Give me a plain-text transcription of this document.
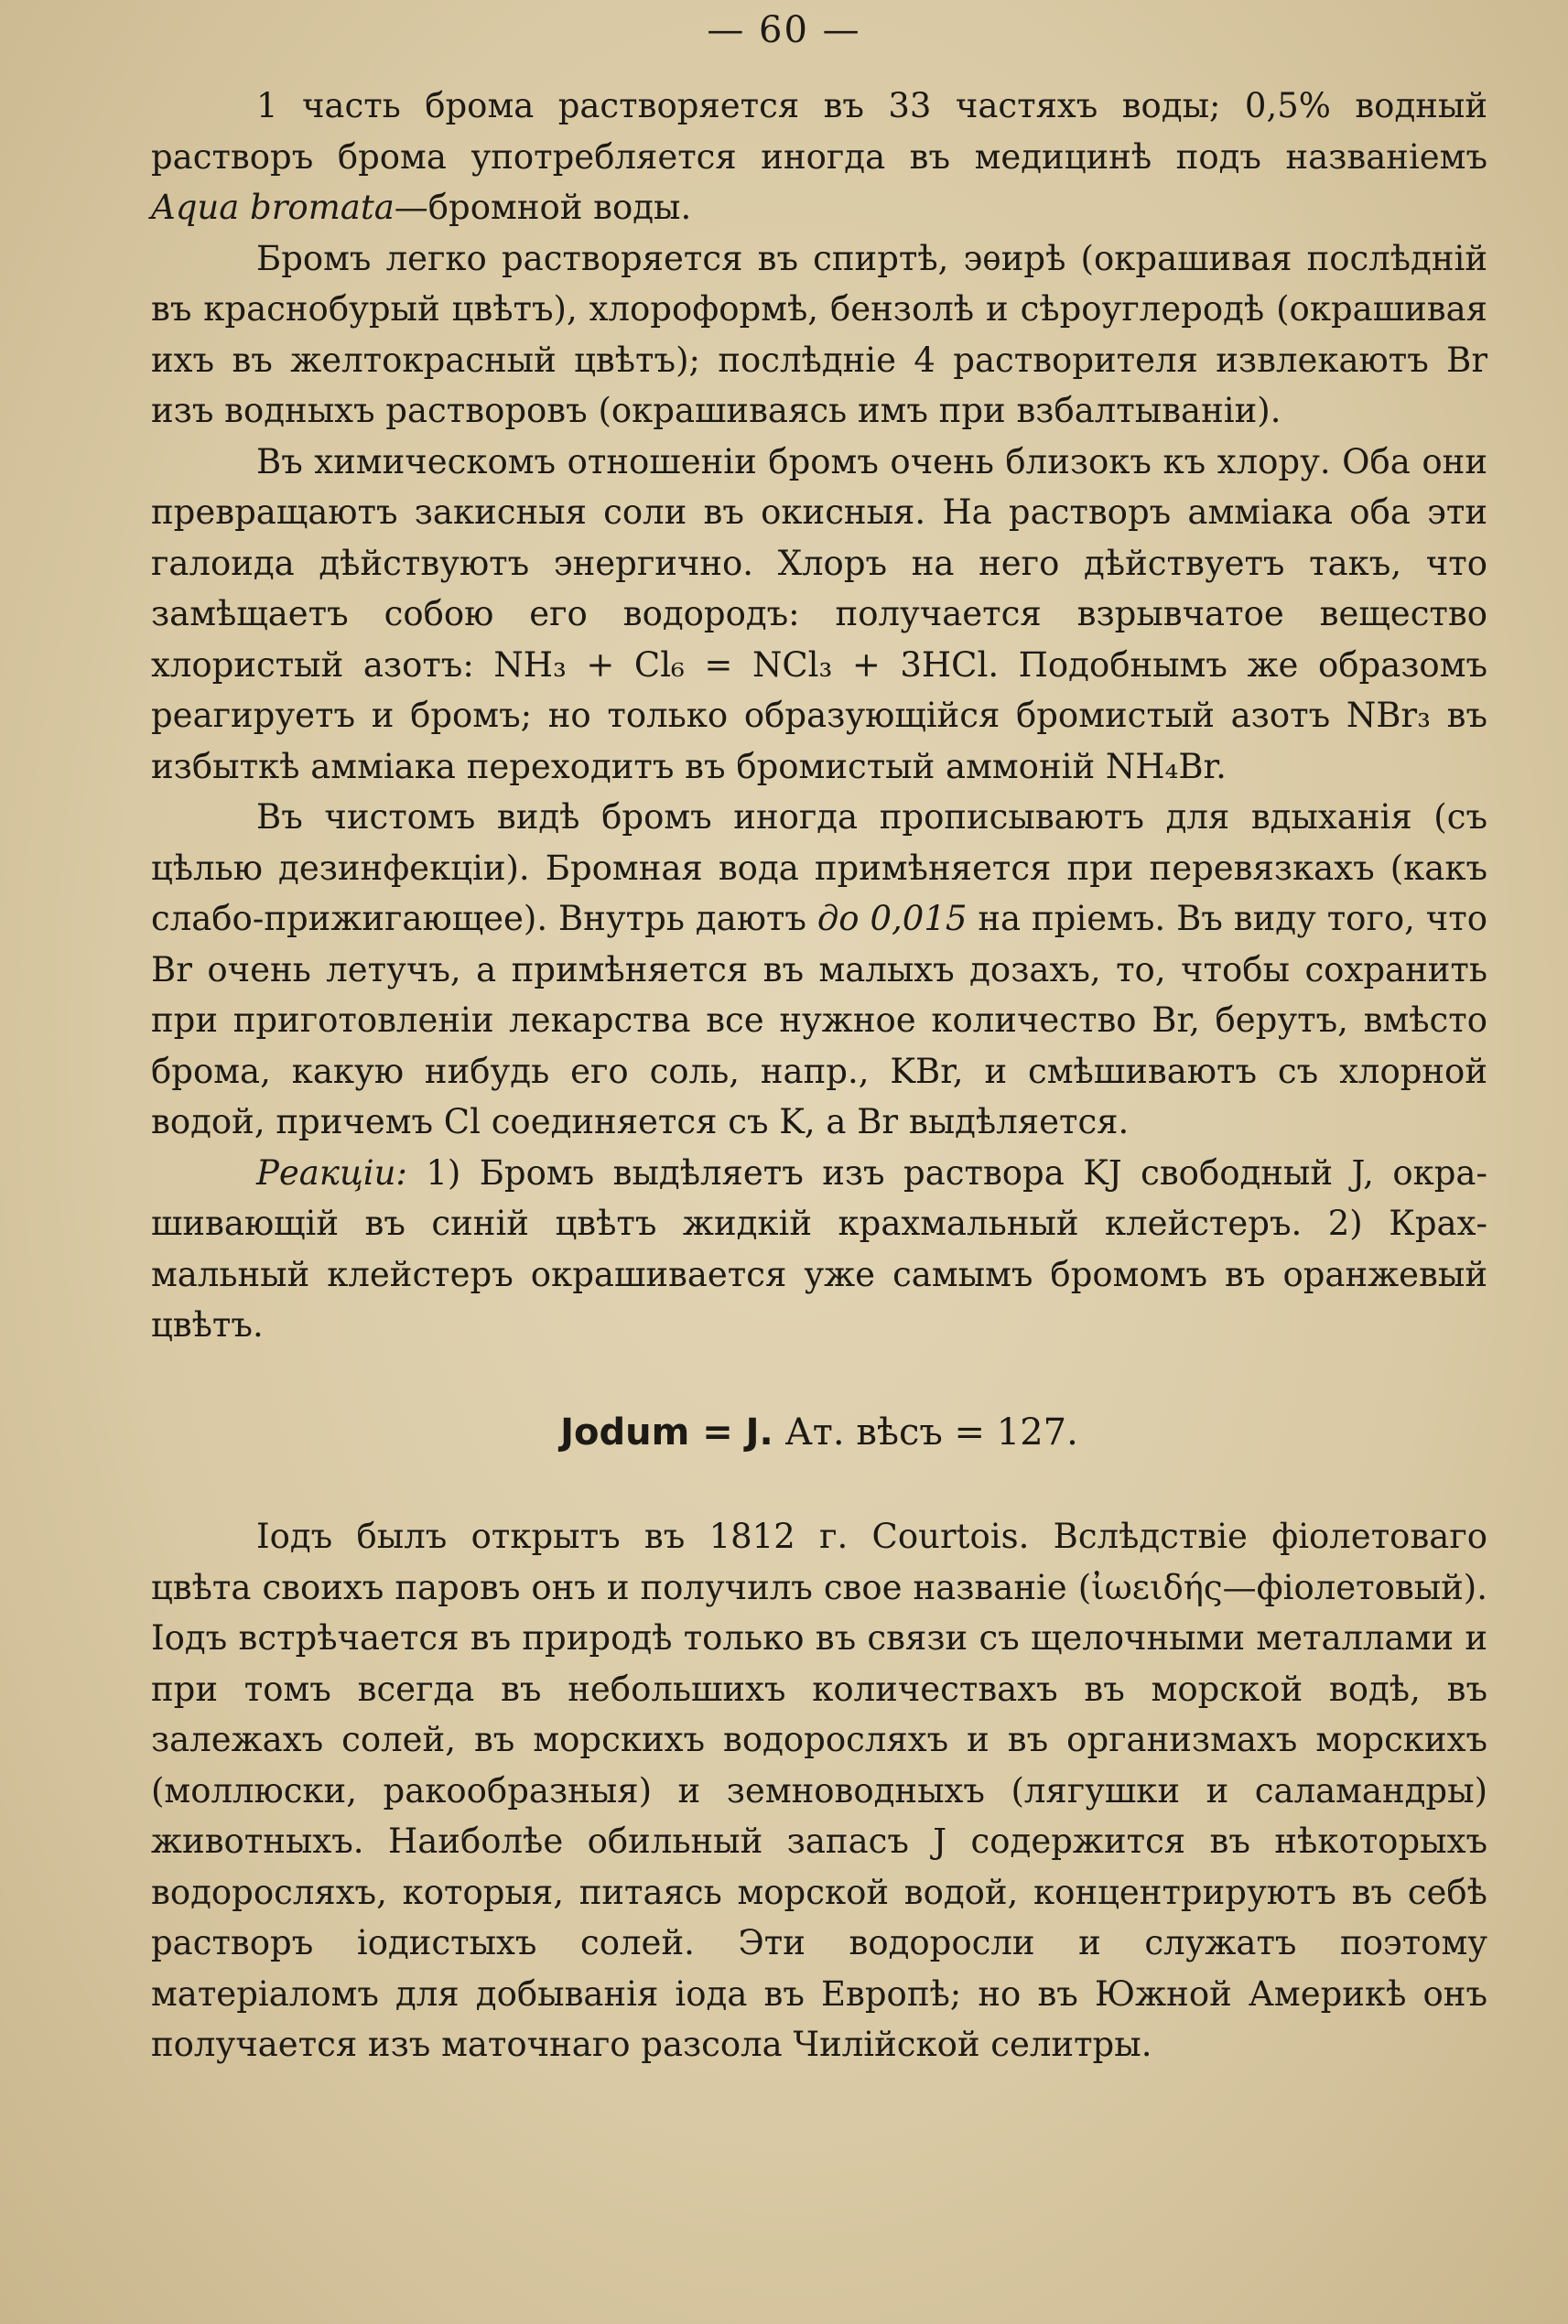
— 60 —

1 часть брома растворяется въ 33 частяхъ воды; 0,5% водный растворъ брома употребляется иногда въ медицинѣ подъ названіемъ Aqua bromata—бромной воды.

Бромъ легко растворяется въ спиртѣ, эѳирѣ (окрашивая послѣдній въ краснобурый цвѣтъ), хлороформѣ, бензолѣ и сѣроуглеродѣ (окрашивая ихъ въ желтокрасный цвѣтъ); послѣдніе 4 растворителя извлекаютъ Br изъ водныхъ растворовъ (окрашиваясь имъ при взбалтываніи).

Въ химическомъ отношеніи бромъ очень близокъ къ хлору. Оба они превращаютъ закисныя соли въ окисныя. На растворъ амміака оба эти галоида дѣйствуютъ энергично. Хлоръ на него дѣйствуетъ такъ, что замѣщаетъ собою его водородъ: получается взрывчатое вещество хлористый азотъ: NH₃ + Cl₆ = NCl₃ + 3HCl. Подобнымъ же образомъ реагируетъ и бромъ; но только образующійся бромистый азотъ NBr₃ въ избыткѣ амміака переходитъ въ бромистый аммоній NH₄Br.

Въ чистомъ видѣ бромъ иногда прописываютъ для вдыханія (съ цѣлью дезинфекціи). Бромная вода примѣняется при перевязкахъ (какъ слабо-прижигающее). Внутрь даютъ до 0,015 на пріемъ. Въ виду того, что Br очень летучъ, а примѣняется въ малыхъ дозахъ, то, чтобы сохранить при приготовленіи лекарства все нужное количество Br, берутъ, вмѣсто брома, какую нибудь его соль, напр., KBr, и смѣшиваютъ съ хлорной водой, причемъ Cl соединяется съ K, а Br выдѣляется.

Реакціи: 1) Бромъ выдѣляетъ изъ раствора KJ свободный J, окрашивающій въ синій цвѣтъ жидкій крахмальный клейстеръ. 2) Крахмальный клейстеръ окрашивается уже самымъ бромомъ въ оранжевый цвѣтъ.

Jodum = J. Ат. вѣсъ = 127.

Іодъ былъ открытъ въ 1812 г. Courtois. Вслѣдствіе фіолетоваго цвѣта своихъ паровъ онъ и получилъ свое названіе (ἰωειδής—фіолетовый). Іодъ встрѣчается въ природѣ только въ связи съ щелочными металлами и при томъ всегда въ небольшихъ количествахъ въ морской водѣ, въ залежахъ солей, въ морскихъ водоросляхъ и въ организмахъ морскихъ (моллюски, ракообразныя) и земноводныхъ (лягушки и саламандры) животныхъ. Наиболѣе обильный запасъ J содержится въ нѣкоторыхъ водоросляхъ, которыя, питаясь морской водой, концентрируютъ въ себѣ растворъ іодистыхъ солей. Эти водоросли и служатъ поэтому матеріаломъ для добыванія іода въ Европѣ; но въ Южной Америкѣ онъ получается изъ маточнаго разсола Чилійской селитры.
